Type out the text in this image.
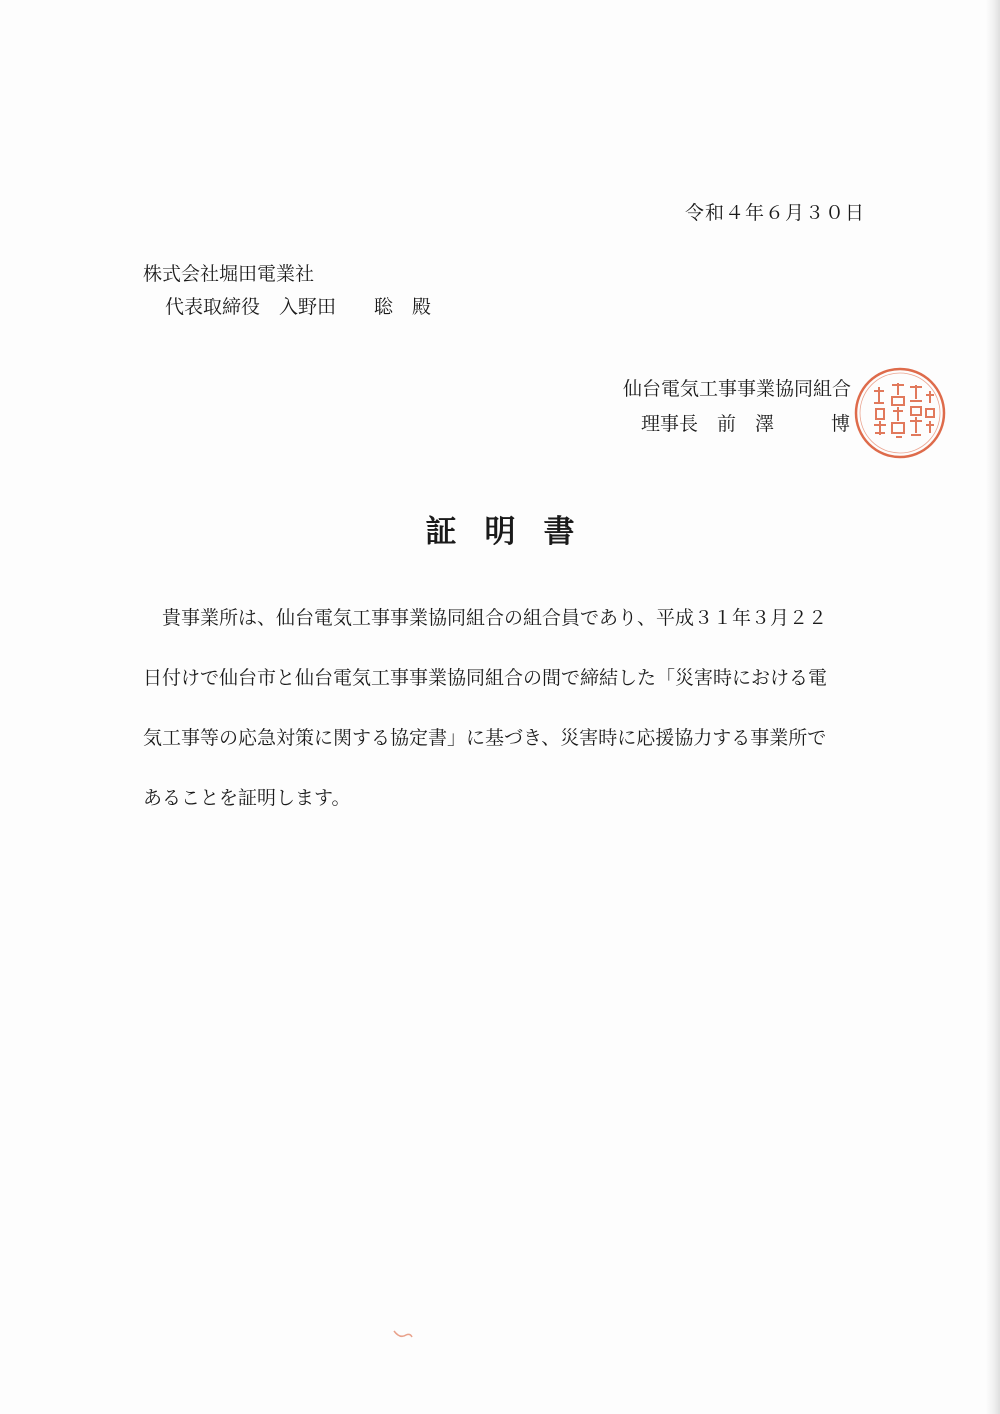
令和４年６月３０日
株式会社堀田電業社
代表取締役　入野田　　聡　殿
仙台電気工事事業協同組合
理事長　前　澤　　　博
証明書
　貴事業所は、仙台電気工事事業協同組合の組合員であり、平成３１年３月２２
日付けで仙台市と仙台電気工事事業協同組合の間で締結した「災害時における電
気工事等の応急対策に関する協定書」に基づき、災害時に応援協力する事業所で
あることを証明します。
